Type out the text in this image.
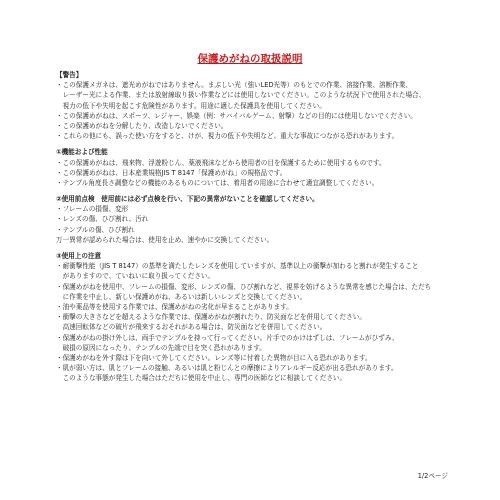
保護めがねの取扱説明
【警告】
・この保護メガネは、遮光めがねではありません。まぶしい光（強いLED光等）のもとでの作業、溶接作業、溶断作業、
　レーザー光による作業、または放射線取り扱い作業などには使用しないでください。このような状況下で使用された場合、
　視力の低下や失明を起こす危険性があります。用途に適した保護具を使用してください。
・この保護めがねは、スポーツ、レジャー、娯楽（例：サバイバルゲーム、射撃）などの目的には使用しないでください。
・この保護めがねを分解したり、改造しないでください。
・これらの他にも、誤った使い方をすると、けが、視力の低下や失明など、重大な事故につながる恐れがあります。
①機能および性能
・この保護めがねは、飛来物、浮遊粉じん、薬液飛沫などから使用者の目を保護するために使用するものです。
・この保護めがねは、日本産業規格JIS T 8147「保護めがね」の規格品です。
・テンプル角度長さ調整などの機能のあるものについては、着用者の用途に合わせて適宜調整してください。
②使用前点検　使用前には必ず点検を行い、下記の異常がないことを確認してください。
・フレームの損傷、変形
・レンズの傷、ひび割れ、汚れ
・テンプルの傷、ひび割れ
万一異常が認められた場合は、使用を止め、速やかに交換してください。
③使用上の注意
・耐衝撃性能（JIS T 8147）の基準を満たしたレンズを使用していますが、基準以上の衝撃が加わると割れが発生すること
　がありますので、ていねいに取り扱ってください。
・保護めがねを使用中、フレームの損傷、変形、レンズの傷、ひび割れなど、視界を妨げるような異常を感じた場合は、ただち
　に作業を中止し、新しい保護めがね、あるいは新しいレンズと交換してください。
・油や薬品等を使用する作業では、保護めがねの劣化が早まることがあります。
・衝撃の大きさなどを超えるような作業では、保護めがねが割れたり、防災面などを併用してください。
　高速回転体などの破片が飛来するおそれがある場合は、防災面などを併用してください。
・保護めがねの掛け外しは、両手でテンプルを持って行ってください。片手でのかけはずしは、フレームがひずみ、
　破損の原因になったり、テンプルの先端で目を突く恐れがあります。
・保護めがねを外す際は下を向いて外してください。レンズ等に付着した異物が目に入る恐れがあります。
・肌が弱い方は、肌とフレームの接触、あるいは肌と粉じんとの摩擦によりアレルギー反応が出る恐れがあります。
　このような事態が発生した場合はただちに使用を中止し、専門の医師などに相談してください。
1/2ページ
